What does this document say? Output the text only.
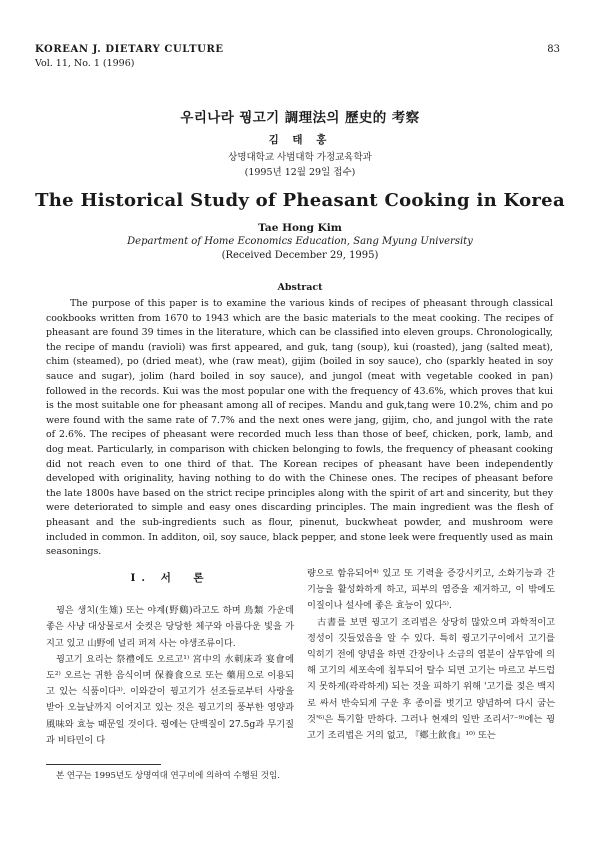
KOREAN J. DIETARY CULTURE
Vol. 11, No. 1 (1996)
83
우리나라 꿩고기 調理法의 歷史的 考察
김 태 홍
상명대학교 사범대학 가정교육학과
(1995년 12월 29일 접수)
The Historical Study of Pheasant Cooking in Korea
Tae Hong Kim
Department of Home Economics Education, Sang Myung University
(Received December 29, 1995)
Abstract

The purpose of this paper is to examine the various kinds of recipes of pheasant through classical cookbooks written from 1670 to 1943 which are the basic materials to the meat cooking. The recipes of pheasant are found 39 times in the literature, which can be classified into eleven groups. Chronologically, the recipe of mandu (ravioli) was first appeared, and guk, tang (soup), kui (roasted), jang (salted meat), chim (steamed), po (dried meat), whe (raw meat), gijim (boiled in soy sauce), cho (sparkly heated in soy sauce and sugar), jolim (hard boiled in soy sauce), and jungol (meat with vegetable cooked in pan) followed in the records. Kui was the most popular one with the frequency of 43.6%, which proves that kui is the most suitable one for pheasant among all of recipes. Mandu and guk,tang were 10.2%, chim and po were found with the same rate of 7.7% and the next ones were jang, gijim, cho, and jungol with the rate of 2.6%. The recipes of pheasant were recorded much less than those of beef, chicken, pork, lamb, and dog meat. Particularly, in comparison with chicken belonging to fowls, the frequency of pheasant cooking did not reach even to one third of that. The Korean recipes of pheasant have been independently developed with originality, having nothing to do with the Chinese ones. The recipes of pheasant before the late 1800s have based on the strict recipe principles along with the spirit of art and sincerity, but they were deteriorated to simple and easy ones discarding principles. The main ingredient was the flesh of pheasant and the sub-ingredients such as flour, pinenut, buckwheat powder, and mushroom were included in common. In additon, oil, soy sauce, black pepper, and stone leek were frequently used as main seasonings.

I. 서　론

꿩은 생치(生雉) 또는 야계(野鷄)라고도 하며 鳥類 가운데 좋은 사냥 대상물로서 숫컷은 당당한 체구와 아름다운 빛을 가지고 있고 山野에 널리 퍼져 사는 야생조류이다.

꿩고기 요리는 祭禮에도 오르고¹⁾ 宮中의 水刺床과 宴會에도²⁾ 오르는 귀한 음식이며 保養食으로 또는 藥用으로 이용되고 있는 식품이다³⁾. 이와같이 꿩고기가 선조들로부터 사랑을 받아 오늘날까지 이어지고 있는 것은 꿩고기의 풍부한 영양과 風味와 효능 때문일 것이다. 꿩에는 단백질이 27.5g과 무기질과 비타민이 다

량으로 함유되어⁴⁾ 있고 또 기력을 증강시키고, 소화기능과 간기능을 활성화하게 하고, 피부의 염증을 제거하고, 이 밖에도 이질이나 설사에 좋은 효능이 있다⁵⁾.

古書를 보면 꿩고기 조리법은 상당히 많았으며 과학적이고 정성이 깃들었음을 알 수 있다. 특히 꿩고기구이에서 고기를 익히기 전에 양념을 하면 간장이나 소금의 염분이 삼투압에 의해 고기의 세포속에 침투되어 탈수 되면 고기는 마르고 부드럽지 못하게(곽곽하게) 되는 것을 피하기 위해 '고기를 젖은 백지로 싸서 반숙되게 구운 후 종이를 벗기고 양념하여 다시 굽는 것'⁶⁾은 특기할 만하다. 그러나 현재의 일반 조리서⁷⁻⁹⁾에는 꿩고기 조리법은 거의 없고, 『鄕土飮食』¹⁰⁾ 또는

본 연구는 1995년도 상명여대 연구비에 의하여 수행된 것임.
